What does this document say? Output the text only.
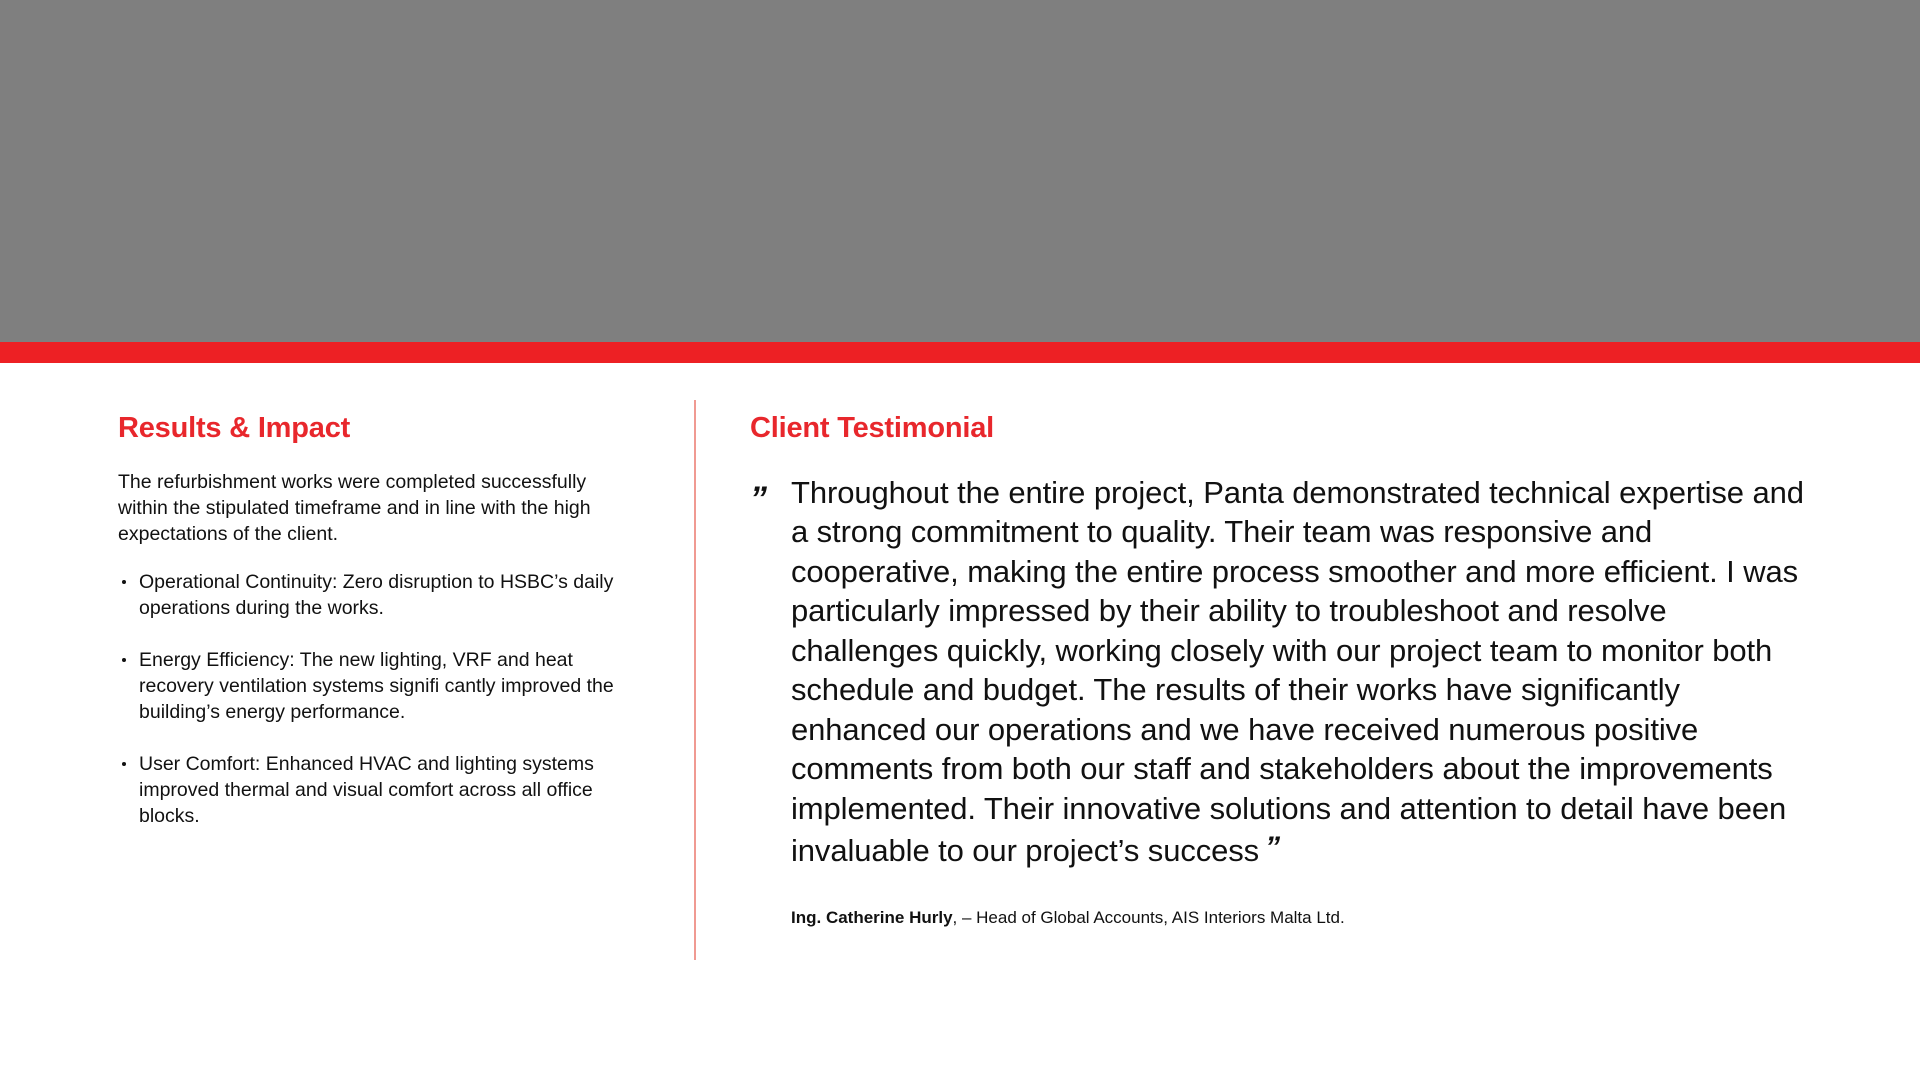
Results & Impact

The refurbishment works were completed successfully within the stipulated timeframe and in line with the high expectations of the client.

Operational Continuity: Zero disruption to HSBC’s daily operations during the works.
Energy Efficiency: The new lighting, VRF and heat recovery ventilation systems signifi cantly improved the building’s energy performance.
User Comfort: Enhanced HVAC and lighting systems improved thermal and visual comfort across all office blocks.
Client Testimonial
” Throughout the entire project, Panta demonstrated technical expertise and a strong commitment to quality. Their team was responsive and cooperative, making the entire process smoother and more efficient. I was particularly impressed by their ability to troubleshoot and resolve challenges quickly, working closely with our project team to monitor both schedule and budget. The results of their works have significantly enhanced our operations and we have received numerous positive comments from both our staff and stakeholders about the improvements implemented. Their innovative solutions and attention to detail have been invaluable to our project’s success ”

Ing. Catherine Hurly, – Head of Global Accounts, AIS Interiors Malta Ltd.
